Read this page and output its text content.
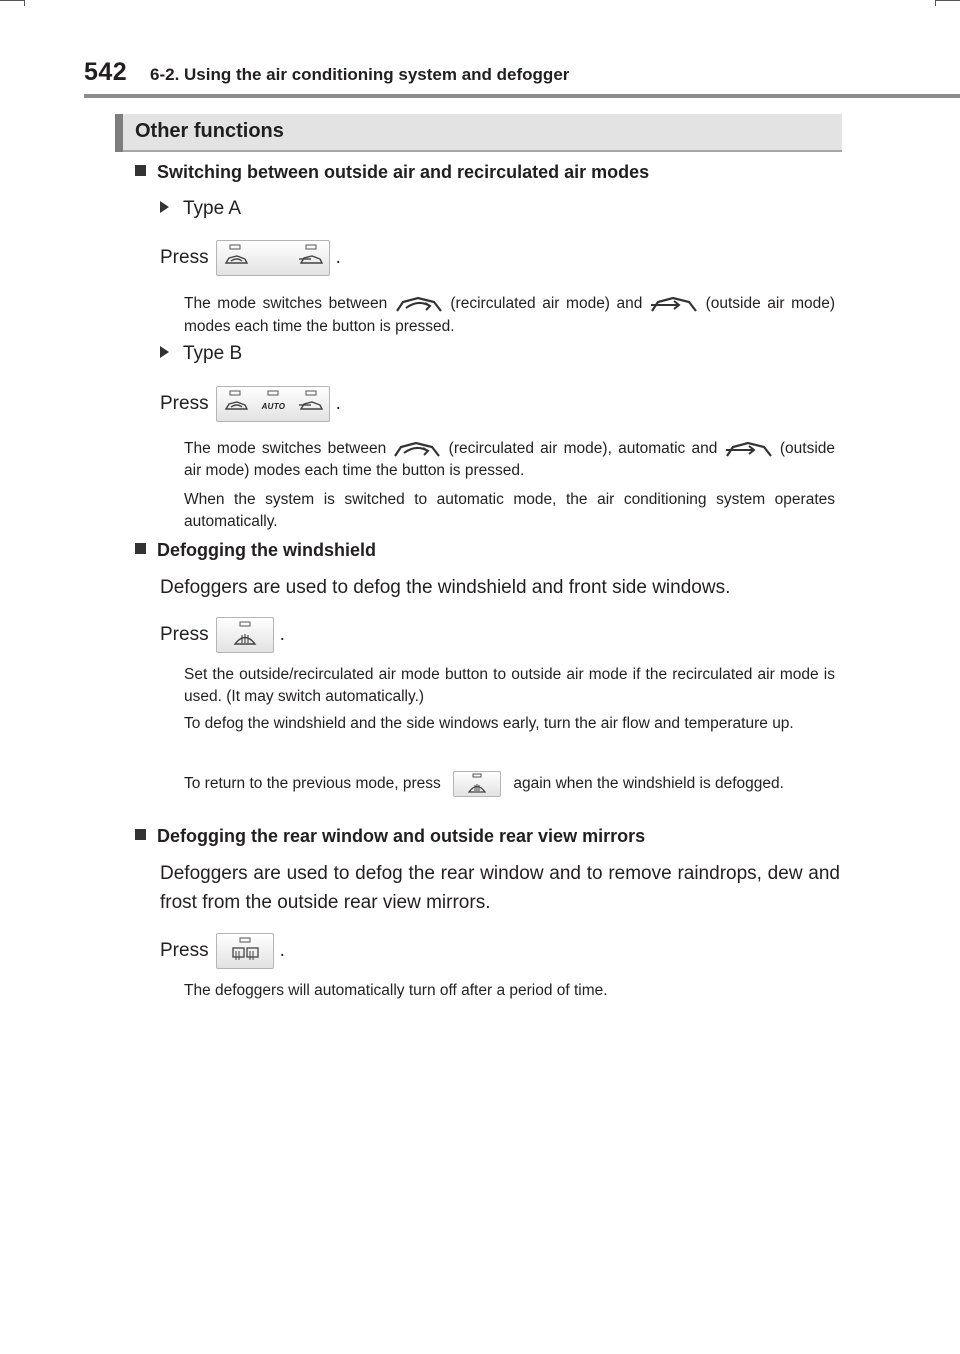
542 6-2. Using the air conditioning system and defogger
Other functions
Switching between outside air and recirculated air modes
Type A
Press	.
The mode switches between	(recirculated air mode) and	(outside air mode) modes each time the button is pressed.
Type B
Press	AUTO	.
The mode switches between	(recirculated air mode), automatic and	(outside air mode) modes each time the button is pressed.
When the system is switched to automatic mode, the air conditioning system operates automatically.
Defogging the windshield
Defoggers are used to defog the windshield and front side windows.
Press	.
Set the outside/recirculated air mode button to outside air mode if the recirculated air mode is used. (It may switch automatically.)
To defog the windshield and the side windows early, turn the air flow and temperature up.
To return to the previous mode, press	again when the windshield is defogged.
Defogging the rear window and outside rear view mirrors
Defoggers are used to defog the rear window and to remove raindrops, dew and frost from the outside rear view mirrors.
Press	.
The defoggers will automatically turn off after a period of time.
